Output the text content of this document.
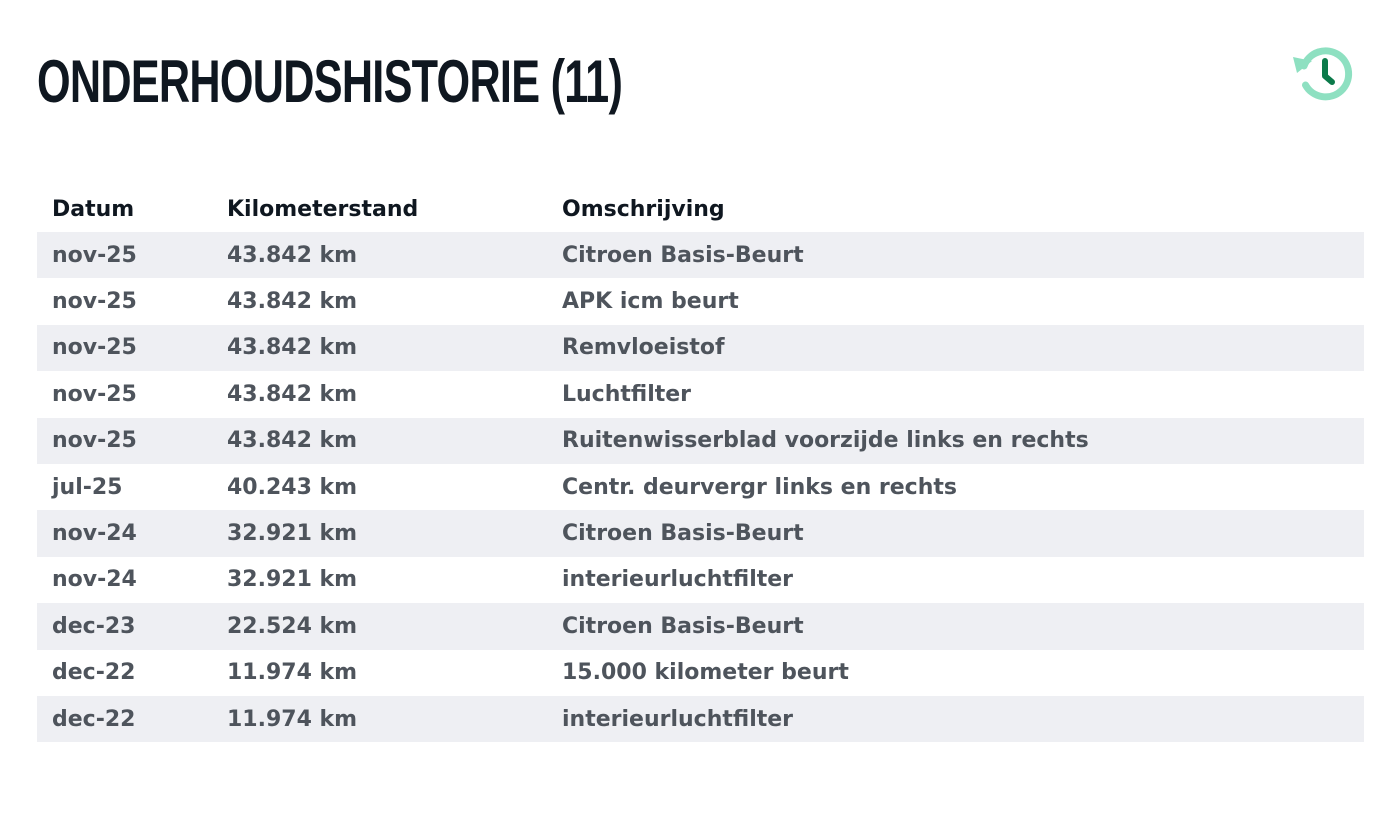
ONDERHOUDSHISTORIE (11)
Datum	Kilometerstand	Omschrijving
nov-25	43.842 km	Citroen Basis-Beurt
nov-25	43.842 km	APK icm beurt
nov-25	43.842 km	Remvloeistof
nov-25	43.842 km	Luchtfilter
nov-25	43.842 km	Ruitenwisserblad voorzijde links en rechts
jul-25	40.243 km	Centr. deurvergr links en rechts
nov-24	32.921 km	Citroen Basis-Beurt
nov-24	32.921 km	interieurluchtfilter
dec-23	22.524 km	Citroen Basis-Beurt
dec-22	11.974 km	15.000 kilometer beurt
dec-22	11.974 km	interieurluchtfilter
